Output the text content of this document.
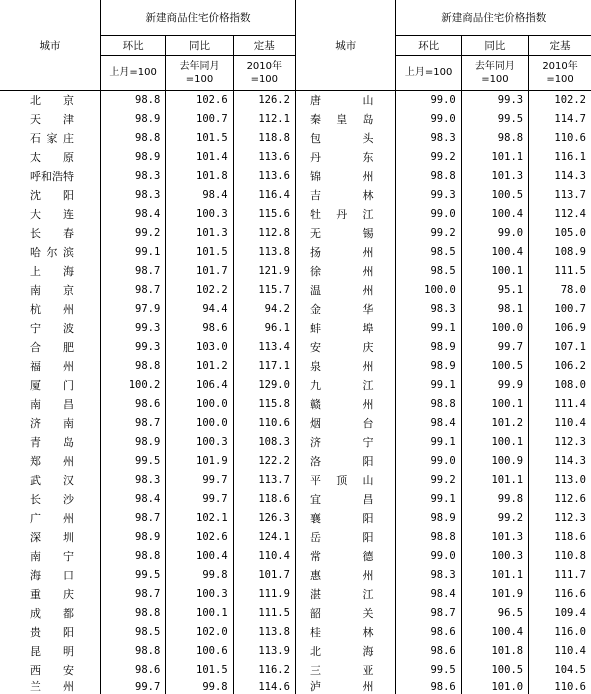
城市	新建商品住宅价格指数			城市	新建商品住宅价格指数		
	环比	同比	定基		环比	同比	定基
	上月=100	去年同月=100	2010年=100		上月=100	去年同月=100	2010年=100
北京	98.8	102.6	126.2	唐山	99.0	99.3	102.2
天津	98.9	100.7	112.1	秦皇岛	99.0	99.5	114.7
石家庄	98.8	101.5	118.8	包头	98.3	98.8	110.6
太原	98.9	101.4	113.6	丹东	99.2	101.1	116.1
呼和浩特	98.3	101.8	113.6	锦州	98.8	101.3	114.3
沈阳	98.3	98.4	116.4	吉林	99.3	100.5	113.7
大连	98.4	100.3	115.6	牡丹江	99.0	100.4	112.4
长春	99.2	101.3	112.8	无锡	99.2	99.0	105.0
哈尔滨	99.1	101.5	113.8	扬州	98.5	100.4	108.9
上海	98.7	101.7	121.9	徐州	98.5	100.1	111.5
南京	98.7	102.2	115.7	温州	100.0	95.1	78.0
杭州	97.9	94.4	94.2	金华	98.3	98.1	100.7
宁波	99.3	98.6	96.1	蚌埠	99.1	100.0	106.9
合肥	99.3	103.0	113.4	安庆	98.9	99.7	107.1
福州	98.8	101.2	117.1	泉州	98.9	100.5	106.2
厦门	100.2	106.4	129.0	九江	99.1	99.9	108.0
南昌	98.6	100.0	115.8	赣州	98.8	100.1	111.4
济南	98.7	100.0	110.6	烟台	98.4	101.2	110.4
青岛	98.9	100.3	108.3	济宁	99.1	100.1	112.3
郑州	99.5	101.9	122.2	洛阳	99.0	100.9	114.3
武汉	98.3	99.7	113.7	平顶山	99.2	101.1	113.0
长沙	98.4	99.7	118.6	宜昌	99.1	99.8	112.6
广州	98.7	102.1	126.3	襄阳	98.9	99.2	112.3
深圳	98.9	102.6	124.1	岳阳	98.8	101.3	118.6
南宁	98.8	100.4	110.4	常德	99.0	100.3	110.8
海口	99.5	99.8	101.7	惠州	98.3	101.1	111.7
重庆	98.7	100.3	111.9	湛江	98.4	101.9	116.6
成都	98.8	100.1	111.5	韶关	98.7	96.5	109.4
贵阳	98.5	102.0	113.8	桂林	98.6	100.4	116.0
昆明	98.8	100.6	113.9	北海	98.6	101.8	110.4
西安	98.6	101.5	116.2	三亚	99.5	100.5	104.5
兰州	99.7	99.8	114.6	泸州	98.6	101.0	110.6
